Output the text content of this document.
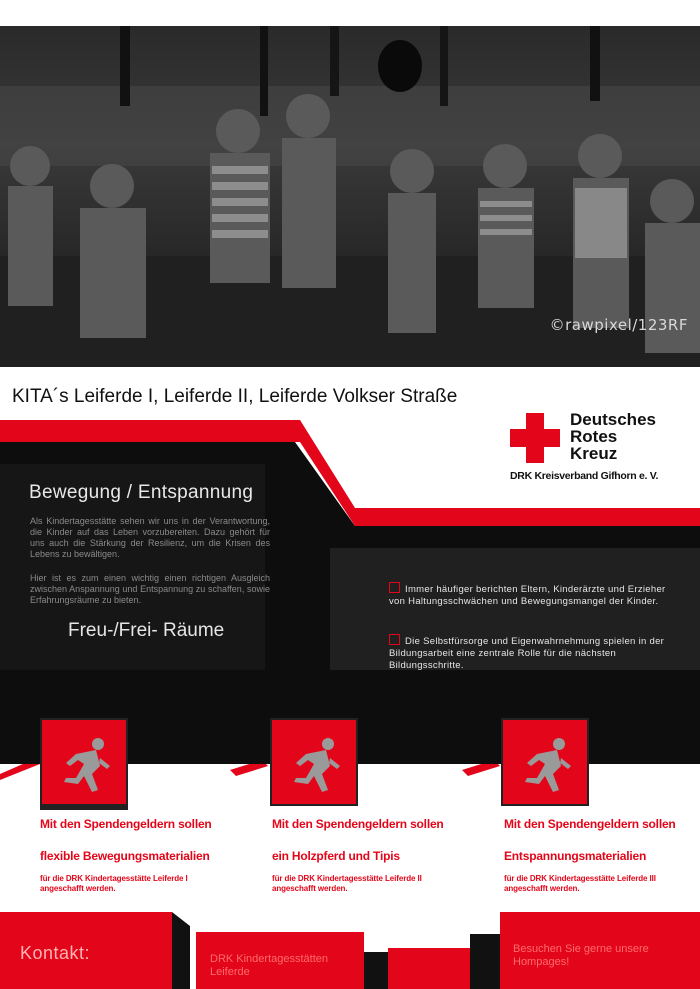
©rawpixel/123RF
KITA´s Leiferde I, Leiferde II, Leiferde Volkser Straße
Deutsches
Rotes
Kreuz
DRK Kreisverband Gifhorn e. V.
Bewegung / Entspannung
Als Kindertagesstätte sehen wir uns in der Verantwortung, die Kinder auf das Leben vorzubereiten. Dazu gehört für uns auch die Stärkung der Resilienz, um die Krisen des Lebens zu bewältigen.
Hier ist es zum einen wichtig einen richtigen Ausgleich zwischen Anspannung und Entspannung zu schaffen, sowie Erfahrungsräume zu bieten.
Freu-/Frei- Räume
Immer häufiger berichten Eltern, Kinderärzte und Erzieher von Haltungsschwächen und Bewegungsmangel der Kinder.
Die Selbstfürsorge und Eigenwahrnehmung spielen in der Bildungsarbeit eine zentrale Rolle für die nächsten Bildungsschritte.
Mit den Spendengeldern sollen
flexible Bewegungsmaterialien
für die DRK Kindertagesstätte Leiferde I angeschafft werden.
Mit den Spendengeldern sollen
ein Holzpferd und Tipis
für die DRK Kindertagesstätte Leiferde II angeschafft werden.
Mit den Spendengeldern sollen
Entspannungsmaterialien
für die DRK Kindertagesstätte Leiferde III angeschafft werden.
Kontakt:	DRK Kindertagesstätten Leiferde
Besuchen Sie gerne unsere Hompages!
